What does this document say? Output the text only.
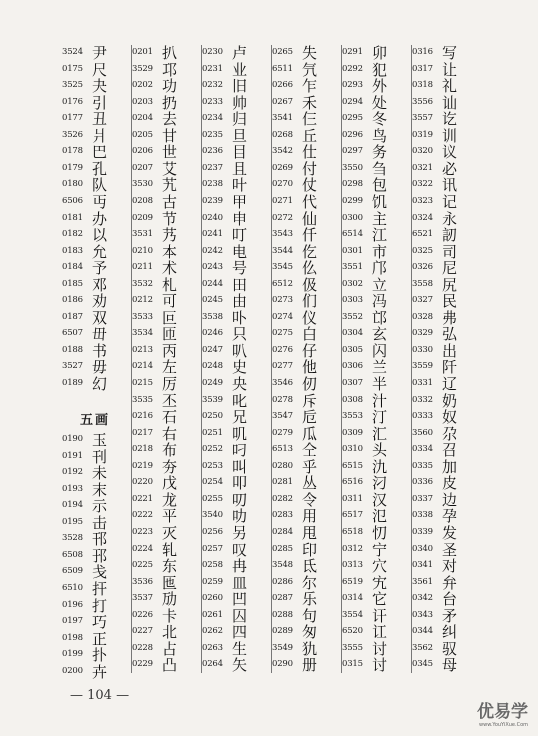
3524 尹
0175 尺
3525 夬
0176 引
0177 丑
3526 爿
0178 巴
0179 孔
0180 队
6506 丏
0181 办
0182 以
0183 允
0184 予
0185 邓
0186 劝
0187 双
6507 毌
0188 书
3527 毋
0189 幻
0190 玉
0191 刊
0192 未
0193 末
0194 示
0195 击
3528 邗
6508 邘
6509 戋
6510 扞
0196 打
0197 巧
0198 正
0199 扑
0200 卉
0201 扒
3529 邛
0202 功
0203 扔
0204 去
0205 甘
0206 世
0207 艾
3530 艽
0208 古
0209 节
3531 艿
0210 本
0211 术
3532 札
0212 可
3533 叵
3534 匝
0213 丙
0214 左
0215 厉
3535 丕
0216 石
0217 右
0218 布
0219 夯
0220 戊
0221 龙
0222 平
0223 灭
0224 轧
0225 东
3536 匜
3537 劢
0226 卡
0227 北
0228 占
0229 凸
0230 卢
0231 业
0232 旧
0233 帅
0234 归
0235 旦
0236 目
0237 且
0238 叶
0239 甲
0240 申
0241 叮
0242 电
0243 号
0244 田
0245 由
3538 卟
0246 只
0247 叭
0248 史
0249 央
3539 叱
0250 兄
0251 叽
0252 叼
0253 叫
0254 叩
0255 叨
3540 叻
0256 另
0257 叹
0258 冉
0259 皿
0260 凹
0261 囚
0262 四
0263 生
0264 矢
0265 失
6511 氕
0266 乍
0267 禾
3541 仨
0268 丘
3542 仕
0269 付
0270 仗
0271 代
0272 仙
3543 仟
3544 仡
3545 仫
6512 伋
0273 们
0274 仪
0275 白
0276 仔
0277 他
3546 仞
0278 斥
3547 卮
0279 瓜
6513 仝
0280 乎
0281 丛
0282 令
0283 用
0284 甩
0285 印
3548 氐
0286 尔
0287 乐
0288 句
0289 匆
3549 犰
0290 册
0291 卯
0292 犯
0293 外
0294 处
0295 冬
0296 鸟
0297 务
3550 刍
0298 包
0299 饥
0300 主
6514 江
0301 市
3551 邝
0302 立
0303 冯
3552 邙
0304 玄
0305 闪
0306 兰
0307 半
0308 汁
3553 汀
0309 汇
0310 头
6515 氿
6516 汈
0311 汉
6517 氾
6518 忉
0312 宁
0313 穴
6519 宄
0314 它
3554 讦
6520 讧
3555 讨
0315 讨
0316 写
0317 让
0318 礼
3556 讪
3557 讫
0319 训
0320 议
0321 必
0322 讯
0323 记
0324 永
6521 訒
0325 司
0326 尼
3558 尻
0327 民
0328 弗
0329 弘
0330 出
3559 阡
0331 辽
0332 奶
0333 奴
3560 尕
0334 召
0335 加
0336 皮
0337 边
0338 孕
0339 发
0340 圣
0341 对
3561 弁
0342 台
0343 矛
0344 纠
3562 驭
0345 母
五画
— 104 —
优易学
www.YouYiXue.Com
